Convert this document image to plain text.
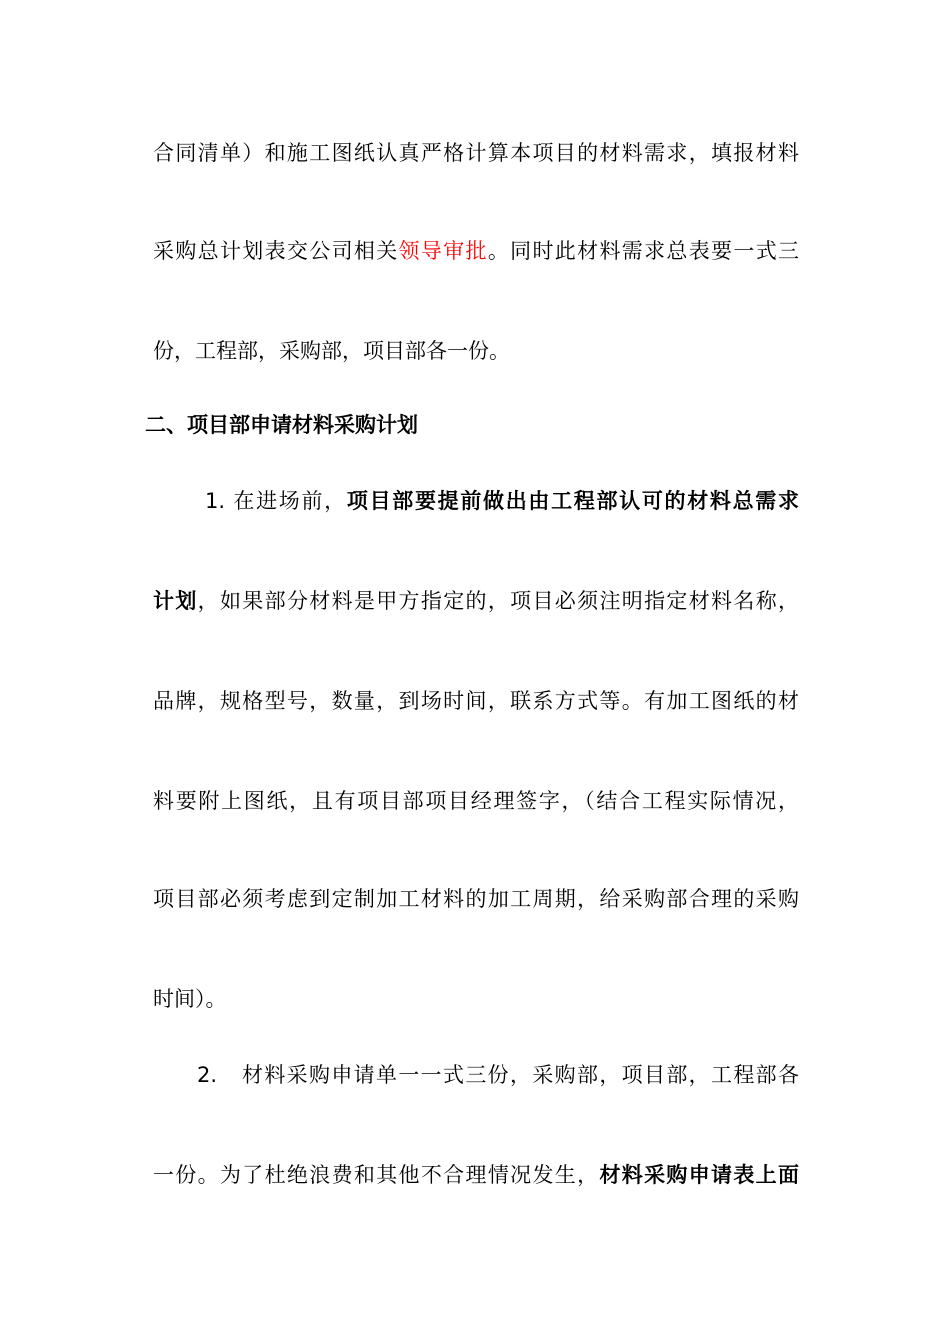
合同清单）和施工图纸认真严格计算本项目的材料需求，填报材料
采购总计划表交公司相关领导审批。同时此材料需求总表要一式三
份，工程部，采购部，项目部各一份。
二、项目部申请材料采购计划
1. 在进场前，项目部要提前做出由工程部认可的材料总需求
计划，如果部分材料是甲方指定的，项目必须注明指定材料名称，
品牌，规格型号，数量，到场时间，联系方式等。有加工图纸的材
料要附上图纸，且有项目部项目经理签字，（结合工程实际情况，
项目部必须考虑到定制加工材料的加工周期，给采购部合理的采购
时间）。
2. 材料采购申请单一一式三份，采购部，项目部，工程部各
一份。为了杜绝浪费和其他不合理情况发生，材料采购申请表上面
